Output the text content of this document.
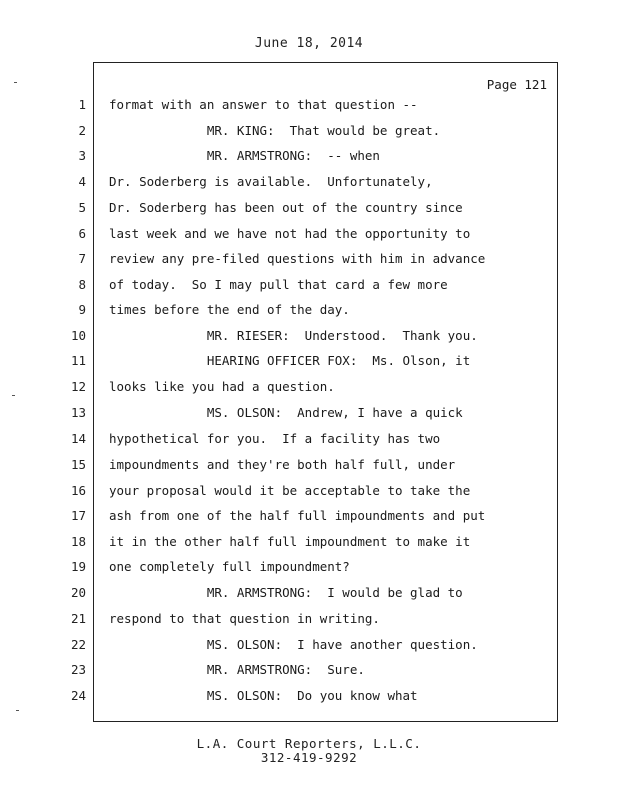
June 18, 2014
Page 121
1 format with an answer to that question --
2 MR. KING:  That would be great.
3 MR. ARMSTRONG:  -- when
4 Dr. Soderberg is available.  Unfortunately,
5 Dr. Soderberg has been out of the country since
6 last week and we have not had the opportunity to
7 review any pre-filed questions with him in advance
8 of today.  So I may pull that card a few more
9 times before the end of the day.
10 MR. RIESER:  Understood.  Thank you.
11 HEARING OFFICER FOX:  Ms. Olson, it
12 looks like you had a question.
13 MS. OLSON:  Andrew, I have a quick
14 hypothetical for you.  If a facility has two
15 impoundments and they're both half full, under
16 your proposal would it be acceptable to take the
17 ash from one of the half full impoundments and put
18 it in the other half full impoundment to make it
19 one completely full impoundment?
20 MR. ARMSTRONG:  I would be glad to
21 respond to that question in writing.
22 MS. OLSON:  I have another question.
23 MR. ARMSTRONG:  Sure.
24 MS. OLSON:  Do you know what
L.A. Court Reporters, L.L.C.
312-419-9292
